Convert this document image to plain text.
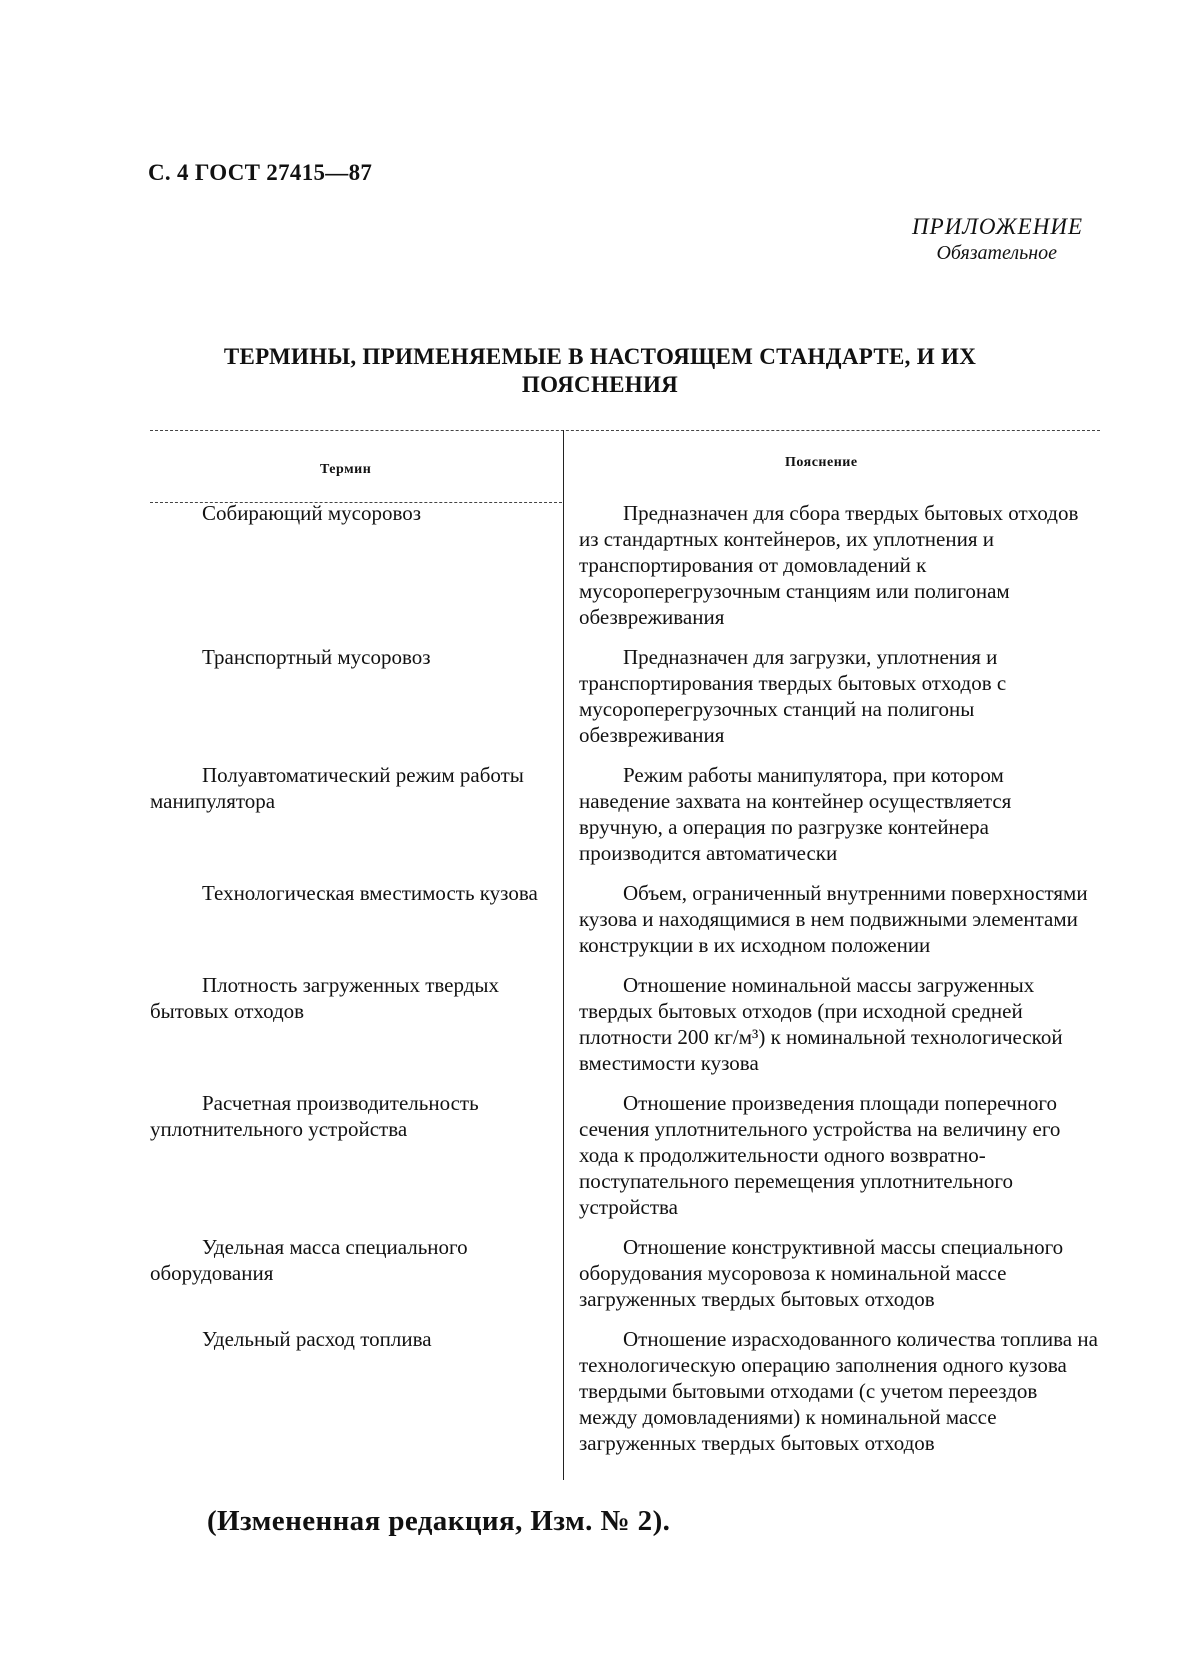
С. 4 ГОСТ 27415—87
ПРИЛОЖЕНИЕ
Обязательное
ТЕРМИНЫ, ПРИМЕНЯЕМЫЕ В НАСТОЯЩЕМ СТАНДАРТЕ, И ИХ
ПОЯСНЕНИЯ
Термин	Пояснение
Собирающий мусоровоз	Предназначен для сбора твердых бытовых отходов из стандартных контейнеров, их уплотнения и транспортирования от домовладений к мусороперегрузочным станциям или полигонам обезвреживания

Транспортный мусоровоз	Предназначен для загрузки, уплотнения и транспортирования твердых бытовых отходов с мусороперегрузочных станций на полигоны обезвреживания

Полуавтоматический режим работы манипулятора	Режим работы манипулятора, при котором наведение захвата на контейнер осуществляется вручную, а операция по разгрузке контейнера производится автоматически

Технологическая вместимость кузова	Объем, ограниченный внутренними поверхностями кузова и находящимися в нем подвижными элементами конструкции в их исходном положении

Плотность загруженных твердых бытовых отходов	Отношение номинальной массы загруженных твердых бытовых отходов (при исходной средней плотности 200 кг/м³) к номинальной технологической вместимости кузова

Расчетная производительность уплотнительного устройства	Отношение произведения площади поперечного сечения уплотнительного устройства на величину его хода к продолжительности одного возвратно-поступательного перемещения уплотнительного устройства

Удельная масса специального оборудования	Отношение конструктивной массы специального оборудования мусоровоза к номинальной массе загруженных твердых бытовых отходов

Удельный расход топлива	Отношение израсходованного количества топлива на технологическую операцию заполнения одного кузова твердыми бытовыми отходами (с учетом переездов между домовладениями) к номинальной массе загруженных твердых бытовых отходов
(Измененная редакция, Изм. № 2).
